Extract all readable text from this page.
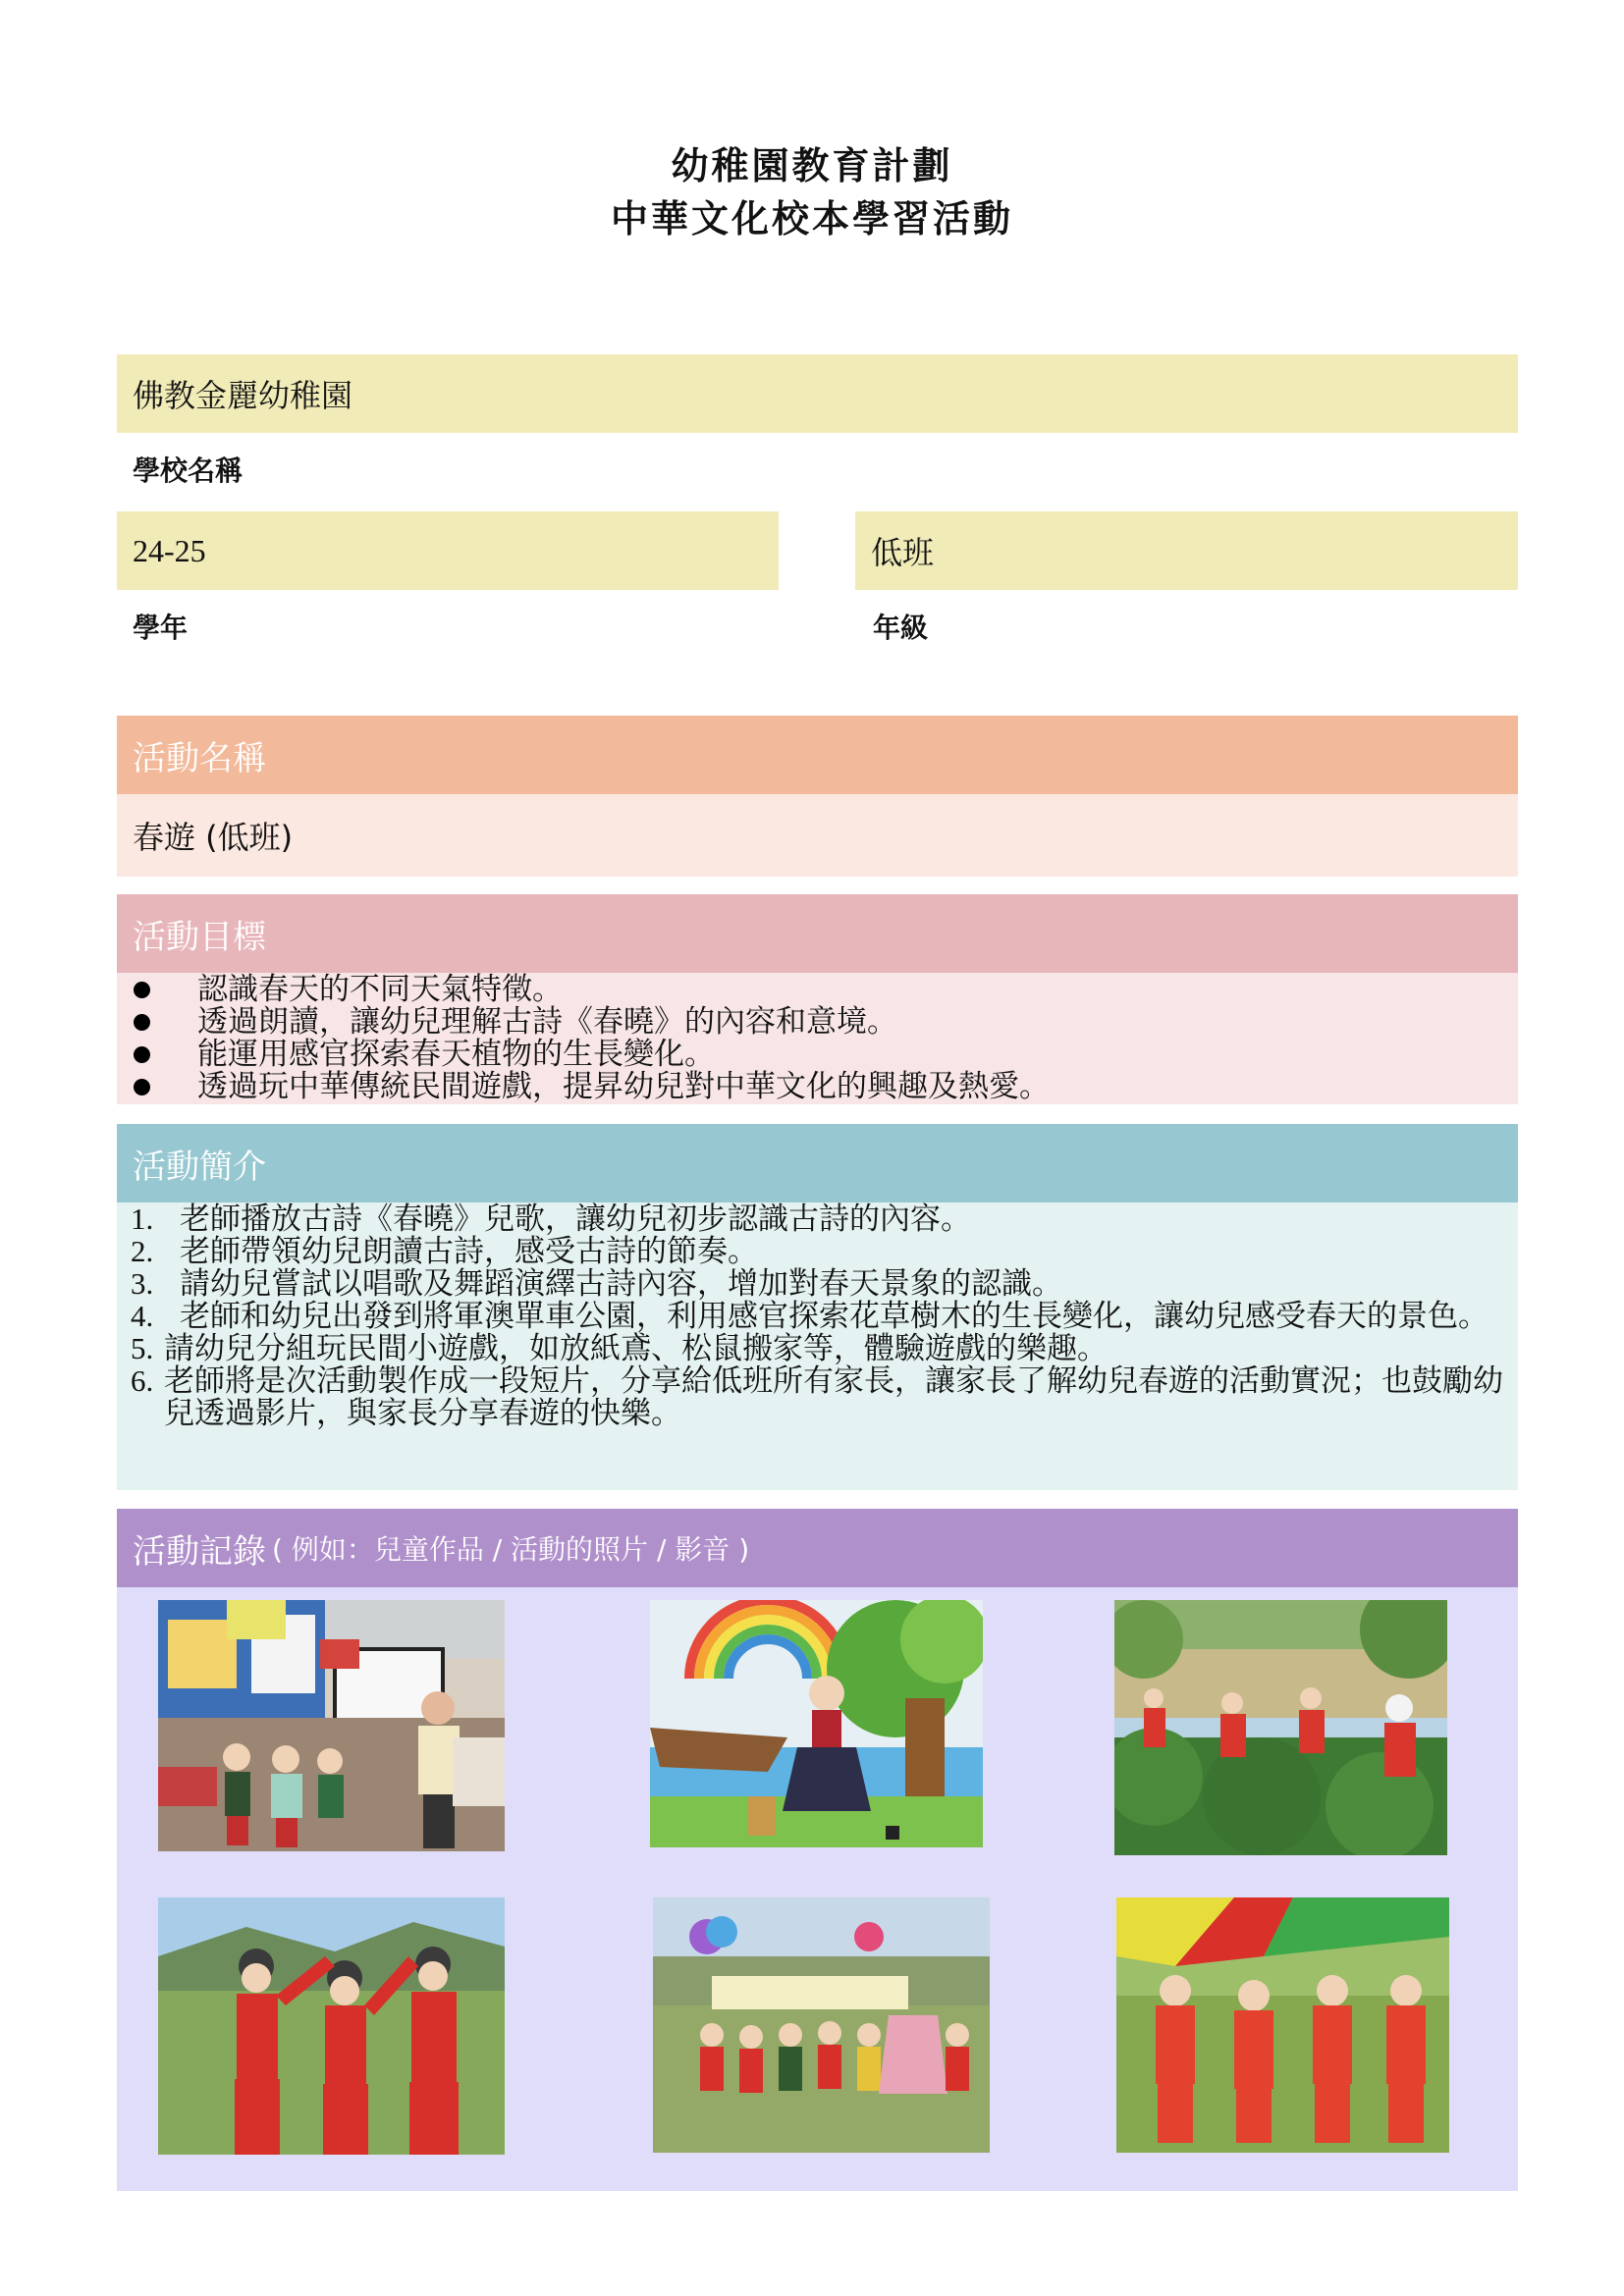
幼稚園教育計劃
中華文化校本學習活動
佛教金麗幼稚園
學校名稱
24-25
學年
低班
年級
活動名稱
春遊 (低班)
活動目標
認識春天的不同天氣特徵。
透過朗讀，讓幼兒理解古詩《春曉》的內容和意境。
能運用感官探索春天植物的生長變化。
透過玩中華傳統民間遊戲，提昇幼兒對中華文化的興趣及熱愛。
活動簡介
1. 老師播放古詩《春曉》兒歌，讓幼兒初步認識古詩的內容。
2. 老師帶領幼兒朗讀古詩，感受古詩的節奏。
3. 請幼兒嘗試以唱歌及舞蹈演繹古詩內容，增加對春天景象的認識。
4. 老師和幼兒出發到將軍澳單車公園，利用感官探索花草樹木的生長變化，讓幼兒感受春天的景色。
5. 請幼兒分組玩民間小遊戲，如放紙鳶、松鼠搬家等，體驗遊戲的樂趣。
6. 老師將是次活動製作成一段短片，分享給低班所有家長，讓家長了解幼兒春遊的活動實況；也鼓勵幼兒透過影片，與家長分享春遊的快樂。
活動記錄 ( 例如：兒童作品 / 活動的照片 / 影音 )
